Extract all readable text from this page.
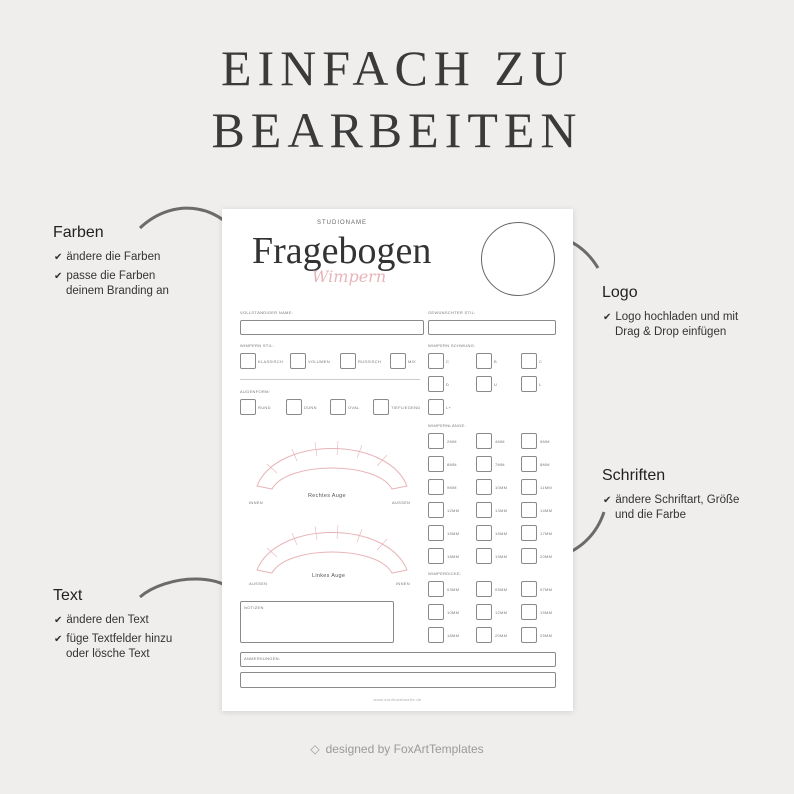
EINFACH ZU
BEARBEITEN
Farben
✔ ändere die Farben
✔ passe die Farben
deinem Branding an
Text
✔ ändere den Text
✔ füge Textfelder hinzu
oder lösche Text
Logo
✔ Logo hochladen und mit
Drag & Drop einfügen
Schriften
✔ ändere Schriftart, Größe
und die Farbe
STUDIONAME
Fragebogen
Wimpern
VOLLSTÄNDIGER NAME:	GEWÜNSCHTER STIL:
WIMPERN STIL:
KLASSISCH	VOLUMEN	RUSSISCH	MIX
AUGENFORM:
RUND	DÜNN	OVAL	TIEFLIEGEND
Rechtes Auge
INNEN	AUSSEN
Linkes Auge
AUSSEN	INNEN
NOTIZEN
WIMPERN SCHWUNG:
C	B	C
D	U	L
L+
WIMPERNLÄNGE:
2MM	4MM	5MM
8MM	7MM	8MM
9MM	10MM	11MM
12MM	13MM	14MM
15MM	16MM	17MM
18MM	19MM	20MM
WIMPERDICKE:
03MM	05MM	07MM
10MM	12MM	15MM
18MM	20MM	25MM
ANMERKUNGEN:
www.studiowebseite.de
◇ designed by FoxArtTemplates
